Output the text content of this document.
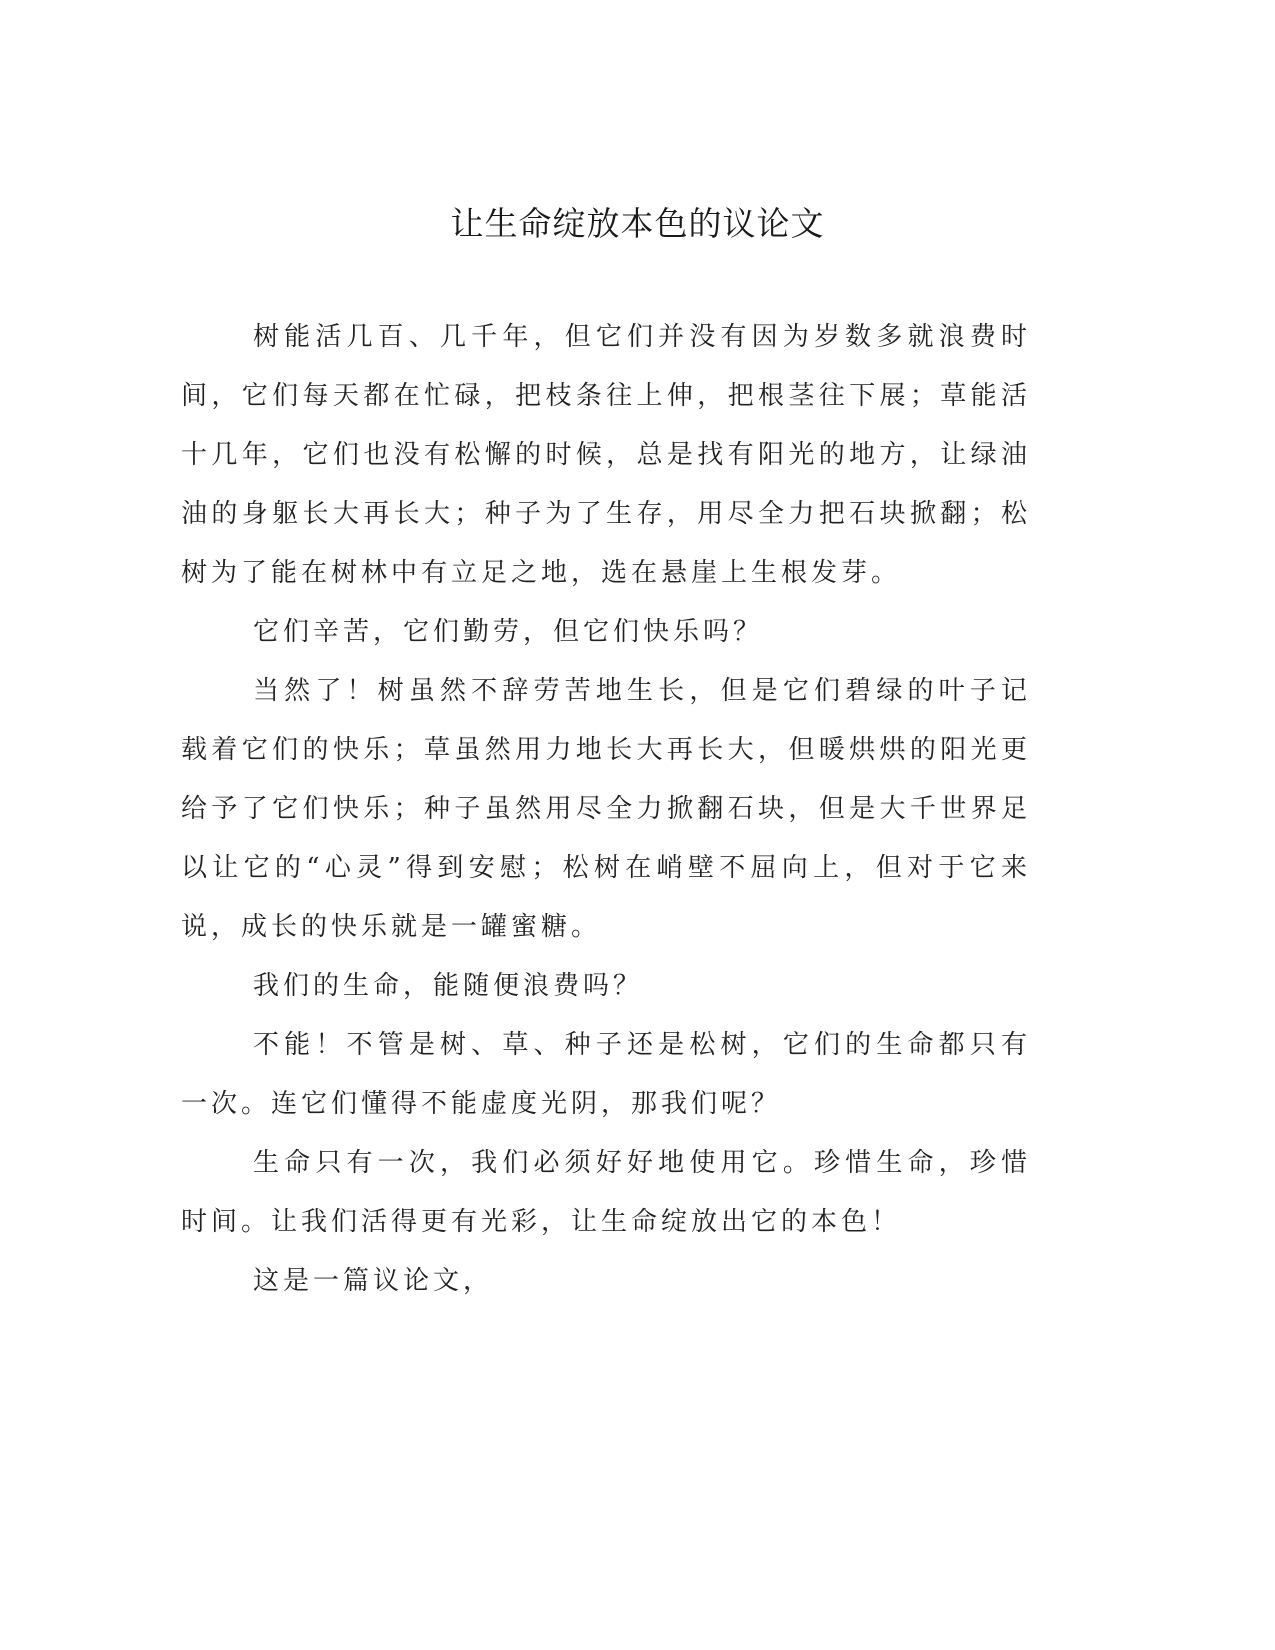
让生命绽放本色的议论文

树能活几百、几千年，但它们并没有因为岁数多就浪费时间，它们每天都在忙碌，把枝条往上伸，把根茎往下展；草能活十几年，它们也没有松懈的时候，总是找有阳光的地方，让绿油油的身躯长大再长大；种子为了生存，用尽全力把石块掀翻；松树为了能在树林中有立足之地，选在悬崖上生根发芽。

它们辛苦，它们勤劳，但它们快乐吗？

当然了！树虽然不辞劳苦地生长，但是它们碧绿的叶子记载着它们的快乐；草虽然用力地长大再长大，但暖烘烘的阳光更给予了它们快乐；种子虽然用尽全力掀翻石块，但是大千世界足以让它的“心灵”得到安慰；松树在峭壁不屈向上，但对于它来说，成长的快乐就是一罐蜜糖。

我们的生命，能随便浪费吗？

不能！不管是树、草、种子还是松树，它们的生命都只有一次。连它们懂得不能虚度光阴，那我们呢？

生命只有一次，我们必须好好地使用它。珍惜生命，珍惜时间。让我们活得更有光彩，让生命绽放出它的本色！

这是一篇议论文，
